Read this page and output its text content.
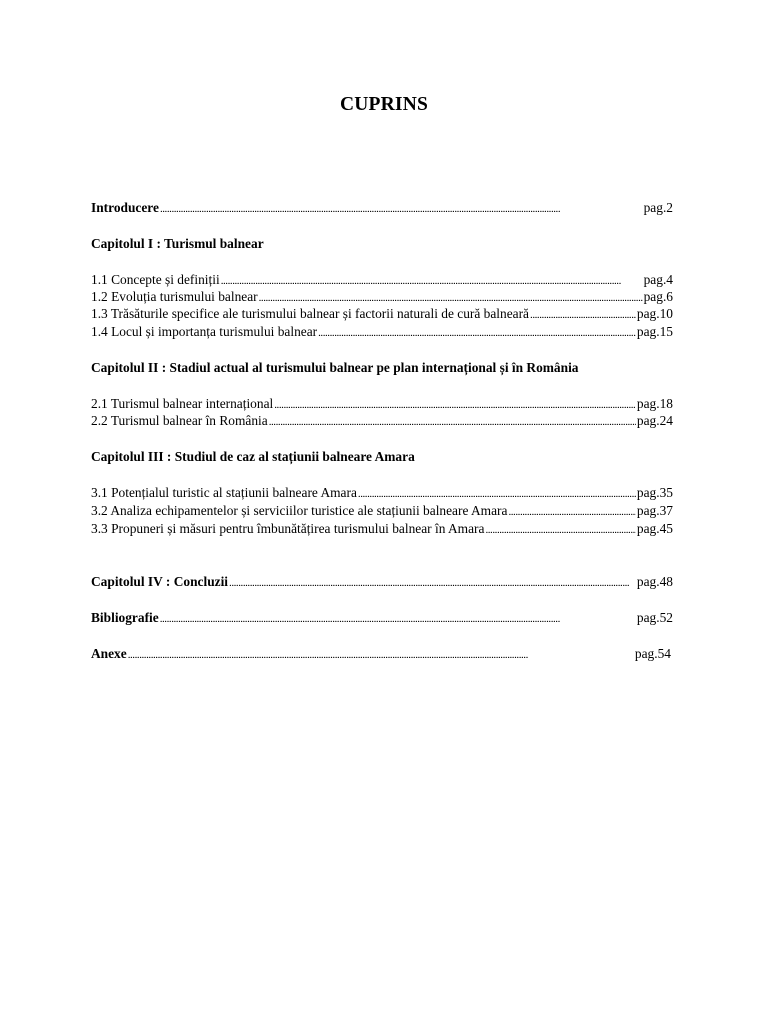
CUPRINS
Introducere . . .	pag.2
Capitolul I : Turismul balnear
1.1 Concepte și definiții . . .	pag.4
1.2 Evoluția turismului balnear . . .	pag.6
1.3 Trăsăturile specifice ale turismului balnear și factorii naturali de cură balneară . . .	pag.10
1.4 Locul și importanța turismului balnear . . .	pag.15
Capitolul II : Stadiul actual al turismului balnear pe plan internațional și în România
2.1 Turismul balnear internațional . . .	pag.18
2.2 Turismul balnear în România . . .	pag.24
Capitolul III : Studiul de caz al stațiunii balneare Amara
3.1 Potențialul turistic al stațiunii balneare Amara . . .	pag.35
3.2 Analiza echipamentelor și serviciilor turistice ale stațiunii balneare Amara . . .	pag.37
3.3 Propuneri și măsuri pentru îmbunătățirea turismului balnear în Amara . . .	pag.45
Capitolul IV : Concluzii . . .	pag.48
Bibliografie . . .	pag.52
Anexe . . .	pag.54
